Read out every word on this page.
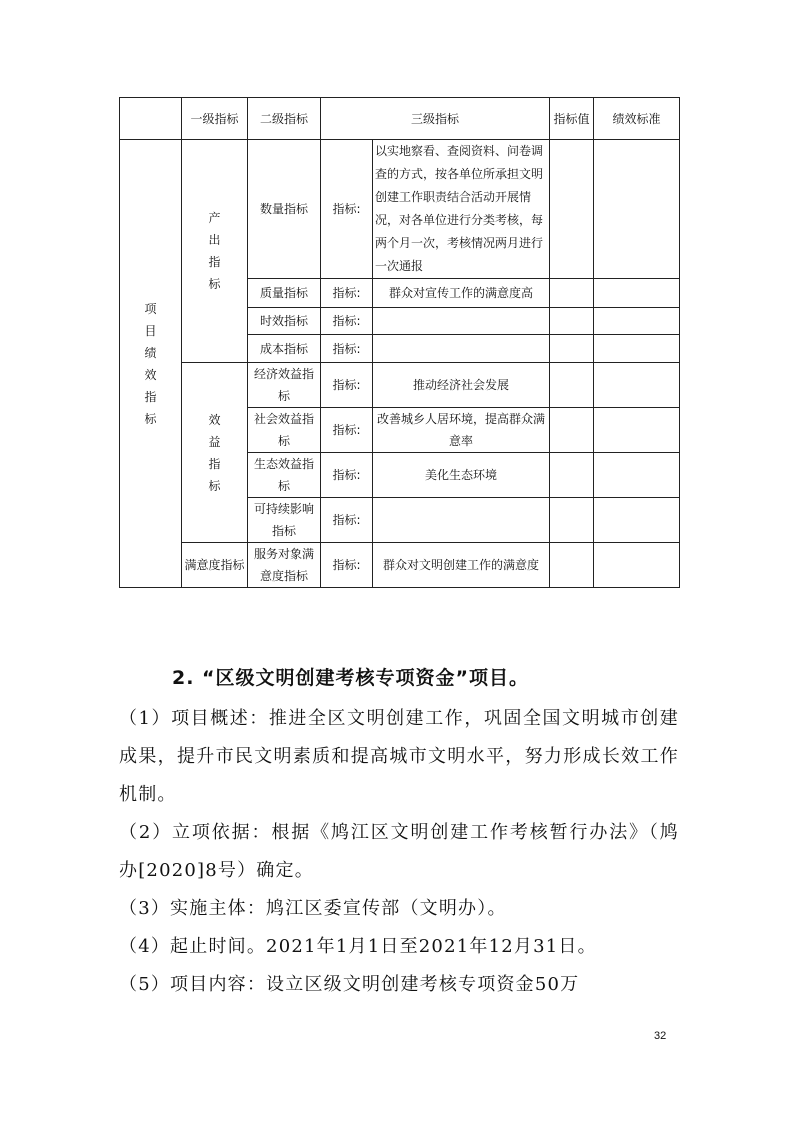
	一级指标	二级指标	三级指标		指标值	绩效标准

项目绩效指标	产出指标	数量指标	指标:	以实地察看、查阅资料、问卷调查的方式，按各单位所承担文明创建工作职责结合活动开展情况，对各单位进行分类考核，每两个月一次，考核情况两月进行一次通报		
		质量指标	指标:	群众对宣传工作的满意度高		
		时效指标	指标:			
		成本指标	指标:			

	效益指标	经济效益指标	指标:	推动经济社会发展		
		社会效益指标	指标:	改善城乡人居环境，提高群众满意率		
		生态效益指标	指标:	美化生态环境		
		可持续影响指标	指标:			
	满意度指标	服务对象满意度指标	指标:	群众对文明创建工作的满意度		
2. “区级文明创建考核专项资金”项目。
（1）项目概述：推进全区文明创建工作，巩固全国文明城市创建成果，提升市民文明素质和提高城市文明水平，努力形成长效工作机制。
（2）立项依据：根据《鸠江区文明创建工作考核暂行办法》（鸠办[2020]8号）确定。
（3）实施主体：鸠江区委宣传部（文明办）。
（4）起止时间。2021年1月1日至2021年12月31日。
（5）项目内容：设立区级文明创建考核专项资金50万
32
